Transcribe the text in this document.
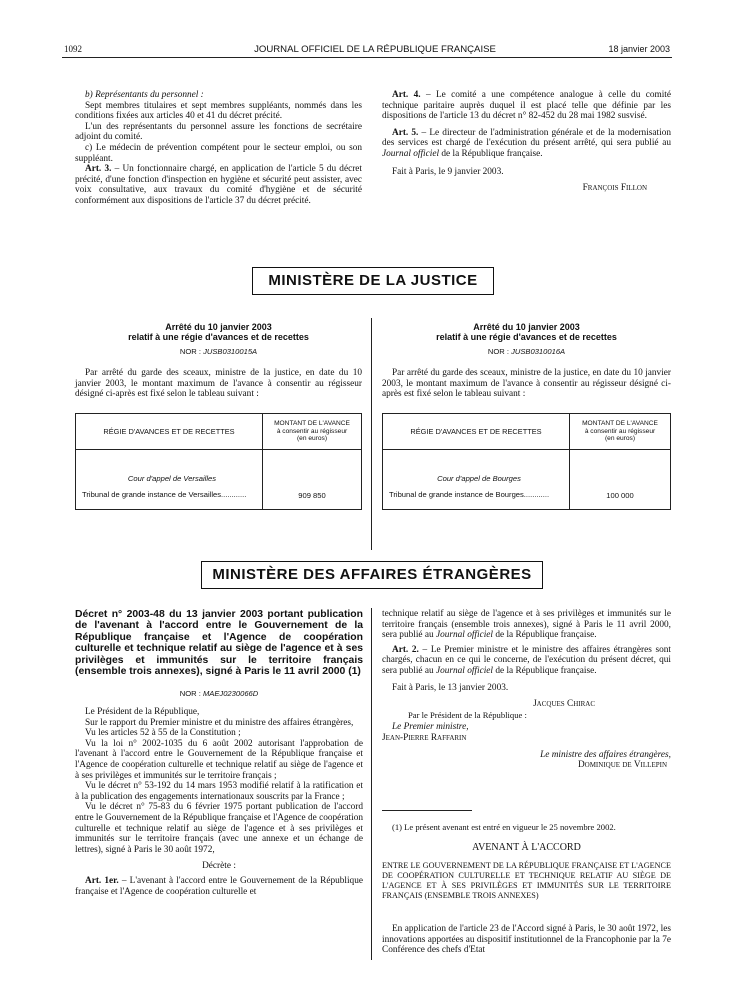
1092	JOURNAL OFFICIEL DE LA RÉPUBLIQUE FRANÇAISE	18 janvier 2003

b) Représentants du personnel :

Sept membres titulaires et sept membres suppléants, nommés dans les conditions fixées aux articles 40 et 41 du décret précité.

L'un des représentants du personnel assure les fonctions de secrétaire adjoint du comité.

c) Le médecin de prévention compétent pour le secteur emploi, ou son suppléant.

Art. 3. – Un fonctionnaire chargé, en application de l'article 5 du décret précité, d'une fonction d'inspection en hygiène et sécurité peut assister, avec voix consultative, aux travaux du comité d'hygiène et de sécurité conformément aux dispositions de l'article 37 du décret précité.

Art. 4. – Le comité a une compétence analogue à celle du comité technique paritaire auprès duquel il est placé telle que définie par les dispositions de l'article 13 du décret n° 82-452 du 28 mai 1982 susvisé.

Art. 5. – Le directeur de l'administration générale et de la modernisation des services est chargé de l'exécution du présent arrêté, qui sera publié au Journal officiel de la République française.

Fait à Paris, le 9 janvier 2003.

François Fillon

MINISTÈRE DE LA JUSTICE
Arrêté du 10 janvier 2003
relatif à une régie d'avances et de recettes
NOR : JUSB0310015A
Par arrêté du garde des sceaux, ministre de la justice, en date du 10 janvier 2003, le montant maximum de l'avance à consentir au régisseur désigné ci-après est fixé selon le tableau suivant :
RÉGIE D'AVANCES ET DE RECETTES	MONTANT DE L'AVANCE
à consentir au régisseur
(en euros)

Cour d'appel de Versailles
Tribunal de grande instance de Versailles............	909 850
Arrêté du 10 janvier 2003
relatif à une régie d'avances et de recettes
NOR : JUSB0310016A
Par arrêté du garde des sceaux, ministre de la justice, en date du 10 janvier 2003, le montant maximum de l'avance à consentir au régisseur désigné ci-après est fixé selon le tableau suivant :
RÉGIE D'AVANCES ET DE RECETTES	MONTANT DE L'AVANCE
à consentir au régisseur
(en euros)

Cour d'appel de Bourges
Tribunal de grande instance de Bourges............	100 000
MINISTÈRE DES AFFAIRES ÉTRANGÈRES
Décret n° 2003-48 du 13 janvier 2003 portant publication de l'avenant à l'accord entre le Gouvernement de la République française et l'Agence de coopération culturelle et technique relatif au siège de l'agence et à ses privilèges et immunités sur le territoire français (ensemble trois annexes), signé à Paris le 11 avril 2000 (1)
NOR : MAEJ0230066D

Le Président de la République,

Sur le rapport du Premier ministre et du ministre des affaires étrangères,

Vu les articles 52 à 55 de la Constitution ;

Vu la loi n° 2002-1035 du 6 août 2002 autorisant l'approbation de l'avenant à l'accord entre le Gouvernement de la République française et l'Agence de coopération culturelle et technique relatif au siège de l'agence et à ses privilèges et immunités sur le territoire français ;

Vu le décret n° 53-192 du 14 mars 1953 modifié relatif à la ratification et à la publication des engagements internationaux souscrits par la France ;

Vu le décret n° 75-83 du 6 février 1975 portant publication de l'accord entre le Gouvernement de la République française et l'Agence de coopération culturelle et technique relatif au siège de l'agence et à ses privilèges et immunités sur le territoire français (avec une annexe et un échange de lettres), signé à Paris le 30 août 1972,

Décrète :

Art. 1er. – L'avenant à l'accord entre le Gouvernement de la République française et l'Agence de coopération culturelle et

technique relatif au siège de l'agence et à ses privilèges et immunités sur le territoire français (ensemble trois annexes), signé à Paris le 11 avril 2000, sera publié au Journal officiel de la République française.

Art. 2. – Le Premier ministre et le ministre des affaires étrangères sont chargés, chacun en ce qui le concerne, de l'exécution du présent décret, qui sera publié au Journal officiel de la République française.

Fait à Paris, le 13 janvier 2003.

Jacques Chirac

Par le Président de la République :

Le Premier ministre,

Jean-Pierre Raffarin

Le ministre des affaires étrangères,

Dominique de Villepin

(1) Le présent avenant est entré en vigueur le 25 novembre 2002.
AVENANT À L'ACCORD
ENTRE LE GOUVERNEMENT DE LA RÉPUBLIQUE FRANÇAISE ET L'AGENCE DE COOPÉRATION CULTURELLE ET TECHNIQUE RELATIF AU SIÈGE DE L'AGENCE ET À SES PRIVILÈGES ET IMMUNITÉS SUR LE TERRITOIRE FRANÇAIS (ENSEMBLE TROIS ANNEXES)
En application de l'article 23 de l'Accord signé à Paris, le 30 août 1972, les innovations apportées au dispositif institutionnel de la Francophonie par la 7e Conférence des chefs d'Etat
